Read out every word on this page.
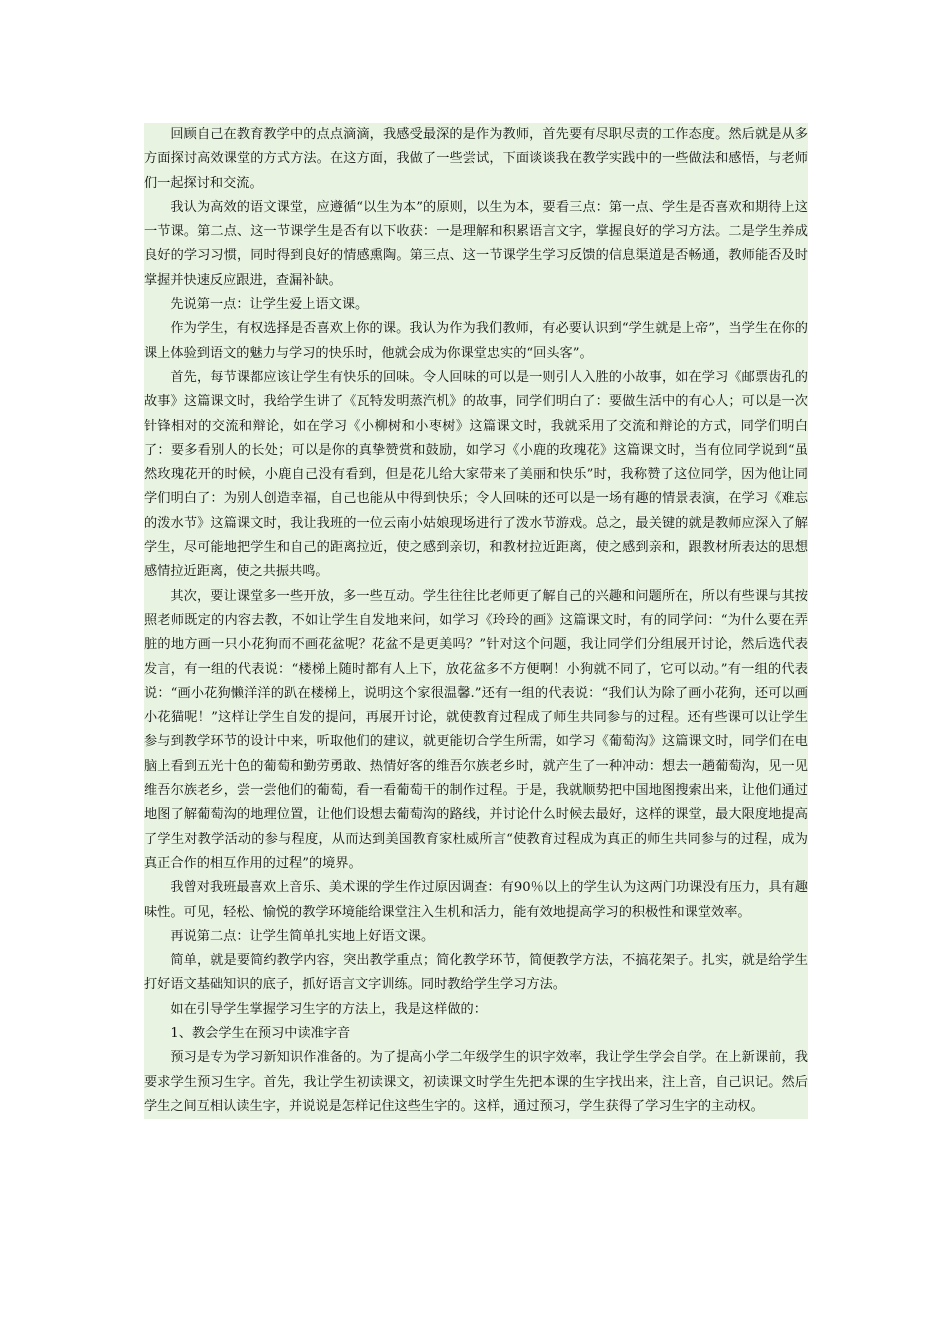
回顾自己在教育教学中的点点滴滴，我感受最深的是作为教师，首先要有尽职尽责的工作态度。然后就是从多方面探讨高效课堂的方式方法。在这方面，我做了一些尝试，下面谈谈我在教学实践中的一些做法和感悟，与老师们一起探讨和交流。

我认为高效的语文课堂，应遵循“以生为本”的原则，以生为本，要看三点：第一点、学生是否喜欢和期待上这一节课。第二点、这一节课学生是否有以下收获：一是理解和积累语言文字，掌握良好的学习方法。二是学生养成良好的学习习惯，同时得到良好的情感熏陶。第三点、这一节课学生学习反馈的信息渠道是否畅通，教师能否及时掌握并快速反应跟进，查漏补缺。

先说第一点：让学生爱上语文课。

作为学生，有权选择是否喜欢上你的课。我认为作为我们教师，有必要认识到“学生就是上帝”，当学生在你的课上体验到语文的魅力与学习的快乐时，他就会成为你课堂忠实的“回头客”。

首先，每节课都应该让学生有快乐的回味。令人回味的可以是一则引人入胜的小故事，如在学习《邮票齿孔的故事》这篇课文时，我给学生讲了《瓦特发明蒸汽机》的故事，同学们明白了：要做生活中的有心人；可以是一次针锋相对的交流和辩论，如在学习《小柳树和小枣树》这篇课文时，我就采用了交流和辩论的方式，同学们明白了：要多看别人的长处；可以是你的真挚赞赏和鼓励，如学习《小鹿的玫瑰花》这篇课文时，当有位同学说到“虽然玫瑰花开的时候，小鹿自己没有看到，但是花儿给大家带来了美丽和快乐”时，我称赞了这位同学，因为他让同学们明白了：为别人创造幸福，自己也能从中得到快乐；令人回味的还可以是一场有趣的情景表演，在学习《难忘的泼水节》这篇课文时，我让我班的一位云南小姑娘现场进行了泼水节游戏。总之，最关键的就是教师应深入了解学生，尽可能地把学生和自己的距离拉近，使之感到亲切，和教材拉近距离，使之感到亲和，跟教材所表达的思想感情拉近距离，使之共振共鸣。

其次，要让课堂多一些开放，多一些互动。学生往往比老师更了解自己的兴趣和问题所在，所以有些课与其按照老师既定的内容去教，不如让学生自发地来问，如学习《玲玲的画》这篇课文时，有的同学问：“为什么要在弄脏的地方画一只小花狗而不画花盆呢？花盆不是更美吗？”针对这个问题，我让同学们分组展开讨论，然后选代表发言，有一组的代表说：“楼梯上随时都有人上下，放花盆多不方便啊！小狗就不同了，它可以动。”有一组的代表说：“画小花狗懒洋洋的趴在楼梯上，说明这个家很温馨.”还有一组的代表说：“我们认为除了画小花狗，还可以画小花猫呢！”这样让学生自发的提问，再展开讨论，就使教育过程成了师生共同参与的过程。还有些课可以让学生参与到教学环节的设计中来，听取他们的建议，就更能切合学生所需，如学习《葡萄沟》这篇课文时，同学们在电脑上看到五光十色的葡萄和勤劳勇敢、热情好客的维吾尔族老乡时，就产生了一种冲动：想去一趟葡萄沟，见一见维吾尔族老乡，尝一尝他们的葡萄，看一看葡萄干的制作过程。于是，我就顺势把中国地图搜索出来，让他们通过地图了解葡萄沟的地理位置，让他们设想去葡萄沟的路线，并讨论什么时候去最好，这样的课堂，最大限度地提高了学生对教学活动的参与程度，从而达到美国教育家杜威所言“使教育过程成为真正的师生共同参与的过程，成为真正合作的相互作用的过程”的境界。

我曾对我班最喜欢上音乐、美术课的学生作过原因调查：有90％以上的学生认为这两门功课没有压力，具有趣味性。可见，轻松、愉悦的教学环境能给课堂注入生机和活力，能有效地提高学习的积极性和课堂效率。

再说第二点：让学生简单扎实地上好语文课。

简单，就是要简约教学内容，突出教学重点；简化教学环节，简便教学方法，不搞花架子。扎实，就是给学生打好语文基础知识的底子，抓好语言文字训练。同时教给学生学习方法。

如在引导学生掌握学习生字的方法上，我是这样做的：

1、教会学生在预习中读准字音

预习是专为学习新知识作准备的。为了提高小学二年级学生的识字效率，我让学生学会自学。在上新课前，我要求学生预习生字。首先，我让学生初读课文，初读课文时学生先把本课的生字找出来，注上音，自己识记。然后学生之间互相认读生字，并说说是怎样记住这些生字的。这样，通过预习，学生获得了学习生字的主动权。
